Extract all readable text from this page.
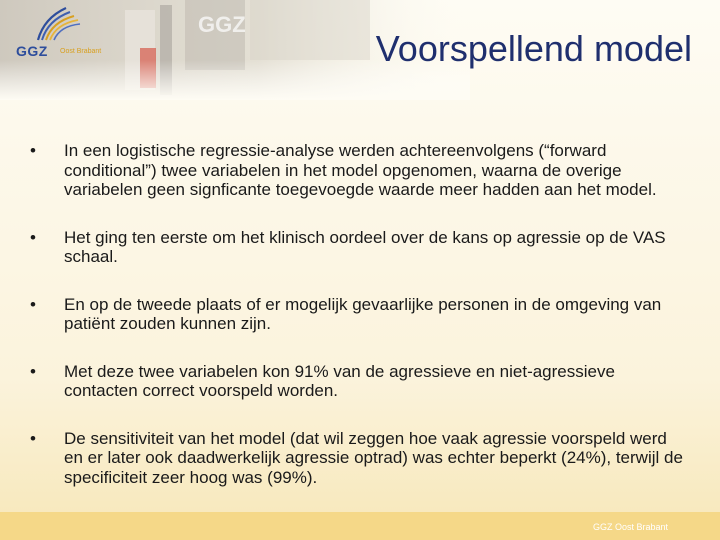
GGZ
GGZ Oost Brabant	Voorspellend model
•	In een logistische regressie-analyse werden achtereenvolgens (“forward conditional”) twee variabelen in het model opgenomen, waarna de overige variabelen geen signficante toegevoegde waarde meer hadden aan het model.
•	Het ging ten eerste om het klinisch oordeel over de kans op agressie op de VAS schaal.
•	En op de tweede plaats of er mogelijk gevaarlijke personen in de omgeving van patiënt zouden kunnen zijn.
•	Met deze twee variabelen kon 91% van de agressieve en niet-agressieve contacten correct voorspeld worden.
•	De sensitiviteit van het model (dat wil zeggen hoe vaak agressie voorspeld werd en er later ook daadwerkelijk agressie optrad) was echter beperkt (24%), terwijl de specificiteit zeer hoog was (99%).
GGZ Oost Brabant
